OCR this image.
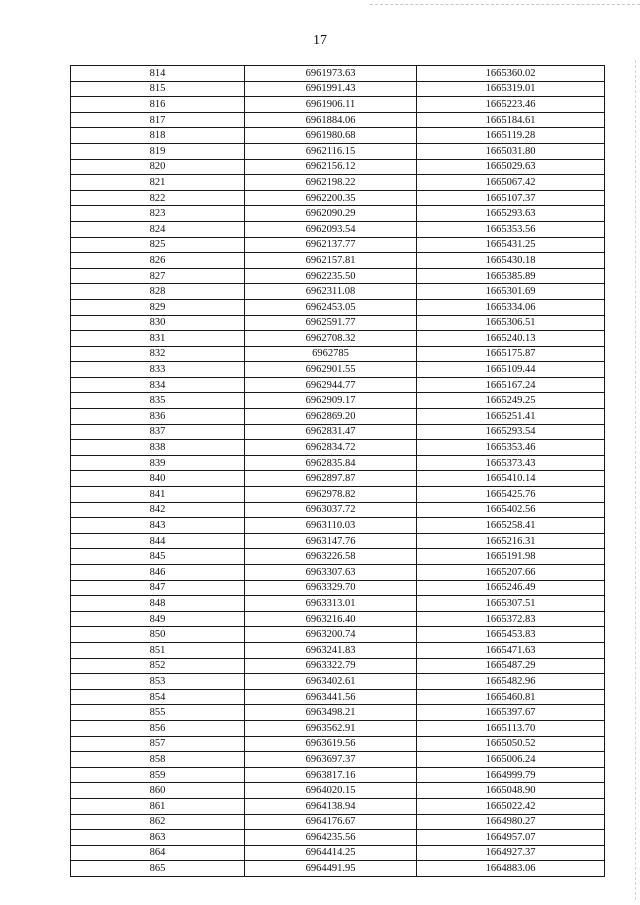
17
814	6961973.63	1665360.02
815	6961991.43	1665319.01
816	6961906.11	1665223.46
817	6961884.06	1665184.61
818	6961980.68	1665119.28
819	6962116.15	1665031.80
820	6962156.12	1665029.63
821	6962198.22	1665067.42
822	6962200.35	1665107.37
823	6962090.29	1665293.63
824	6962093.54	1665353.56
825	6962137.77	1665431.25
826	6962157.81	1665430.18
827	6962235.50	1665385.89
828	6962311.08	1665301.69
829	6962453.05	1665334.06
830	6962591.77	1665306.51
831	6962708.32	1665240.13
832	6962785	1665175.87
833	6962901.55	1665109.44
834	6962944.77	1665167.24
835	6962909.17	1665249.25
836	6962869.20	1665251.41
837	6962831.47	1665293.54
838	6962834.72	1665353.46
839	6962835.84	1665373.43
840	6962897.87	1665410.14
841	6962978.82	1665425.76
842	6963037.72	1665402.56
843	6963110.03	1665258.41
844	6963147.76	1665216.31
845	6963226.58	1665191.98
846	6963307.63	1665207.66
847	6963329.70	1665246.49
848	6963313.01	1665307.51
849	6963216.40	1665372.83
850	6963200.74	1665453.83
851	6963241.83	1665471.63
852	6963322.79	1665487.29
853	6963402.61	1665482.96
854	6963441.56	1665460.81
855	6963498.21	1665397.67
856	6963562.91	1665113.70
857	6963619.56	1665050.52
858	6963697.37	1665006.24
859	6963817.16	1664999.79
860	6964020.15	1665048.90
861	6964138.94	1665022.42
862	6964176.67	1664980.27
863	6964235.56	1664957.07
864	6964414.25	1664927.37
865	6964491.95	1664883.06
